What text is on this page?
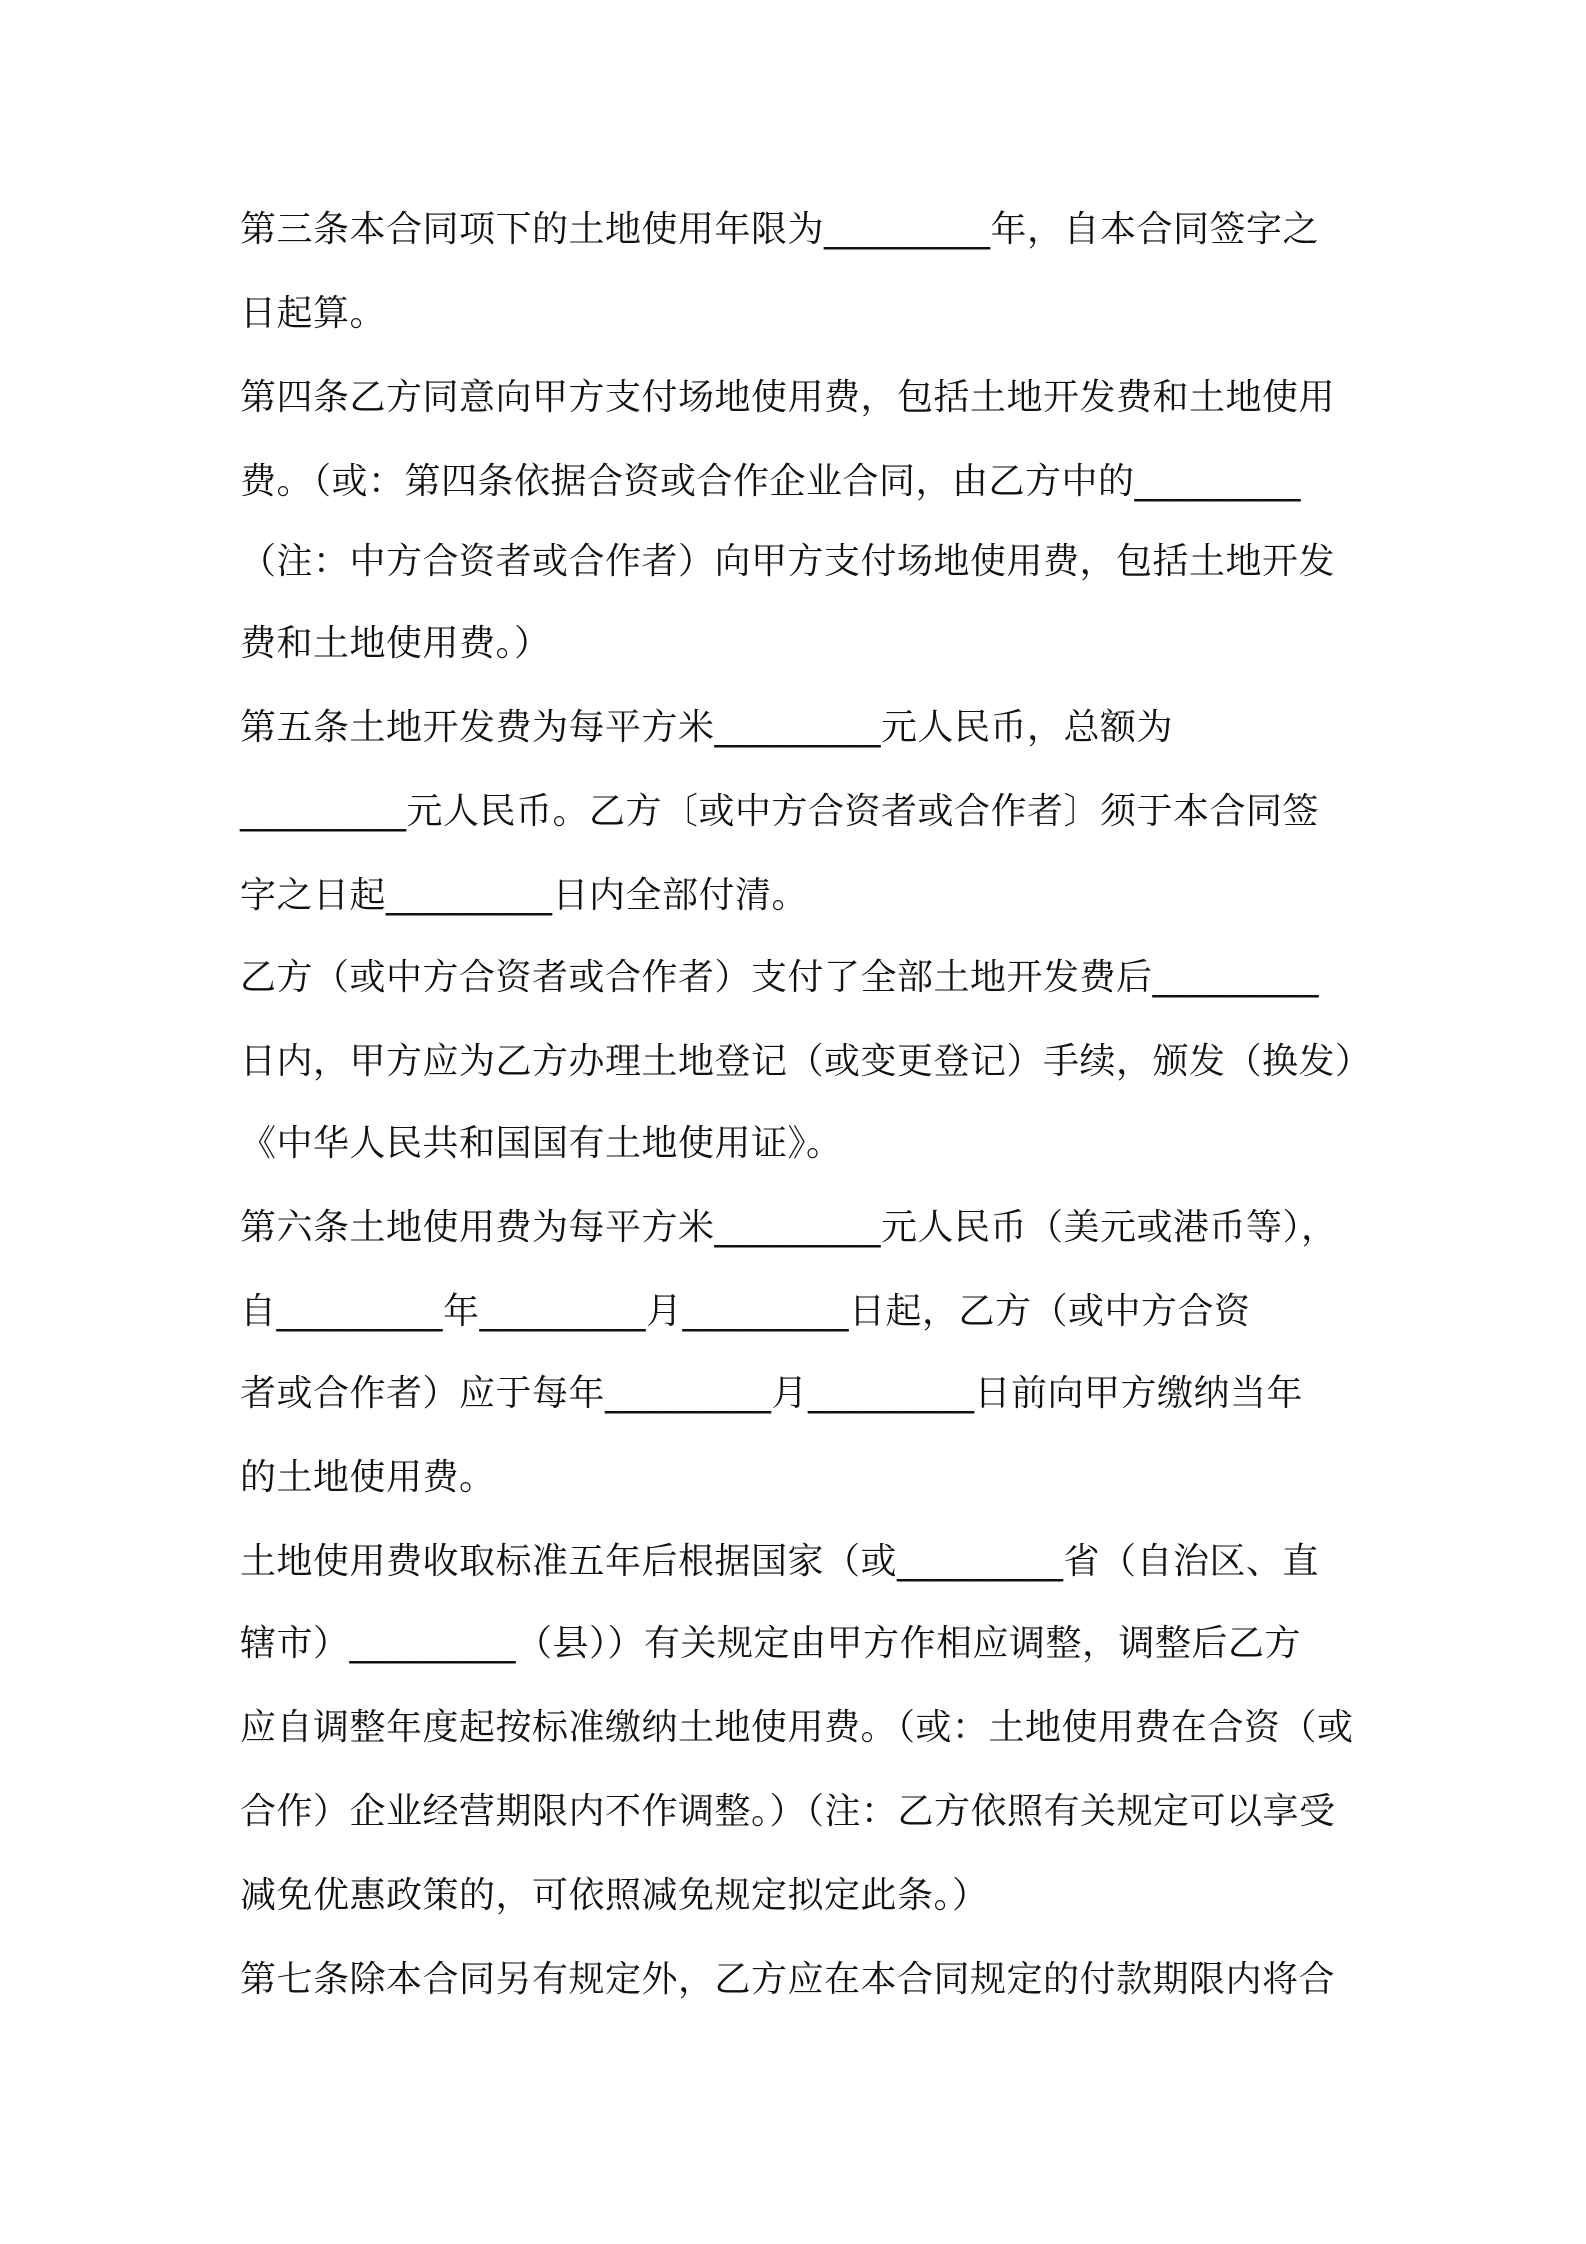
第三条本合同项下的土地使用年限为_________年，自本合同签字之
日起算。
第四条乙方同意向甲方支付场地使用费，包括土地开发费和土地使用
费。（或：第四条依据合资或合作企业合同，由乙方中的_________
（注：中方合资者或合作者）向甲方支付场地使用费，包括土地开发
费和土地使用费。）
第五条土地开发费为每平方米_________元人民币，总额为
_________元人民币。乙方〔或中方合资者或合作者〕须于本合同签
字之日起_________日内全部付清。
乙方（或中方合资者或合作者）支付了全部土地开发费后_________
日内，甲方应为乙方办理土地登记（或变更登记）手续，颁发（换发）
《中华人民共和国国有土地使用证》。
第六条土地使用费为每平方米_________元人民币（美元或港币等），
自_________年_________月_________日起，乙方（或中方合资
者或合作者）应于每年_________月_________日前向甲方缴纳当年
的土地使用费。
土地使用费收取标准五年后根据国家（或_________省（自治区、直
辖市）_________（县））有关规定由甲方作相应调整，调整后乙方
应自调整年度起按标准缴纳土地使用费。（或：土地使用费在合资（或
合作）企业经营期限内不作调整。）（注：乙方依照有关规定可以享受
减免优惠政策的，可依照减免规定拟定此条。）
第七条除本合同另有规定外，乙方应在本合同规定的付款期限内将合
